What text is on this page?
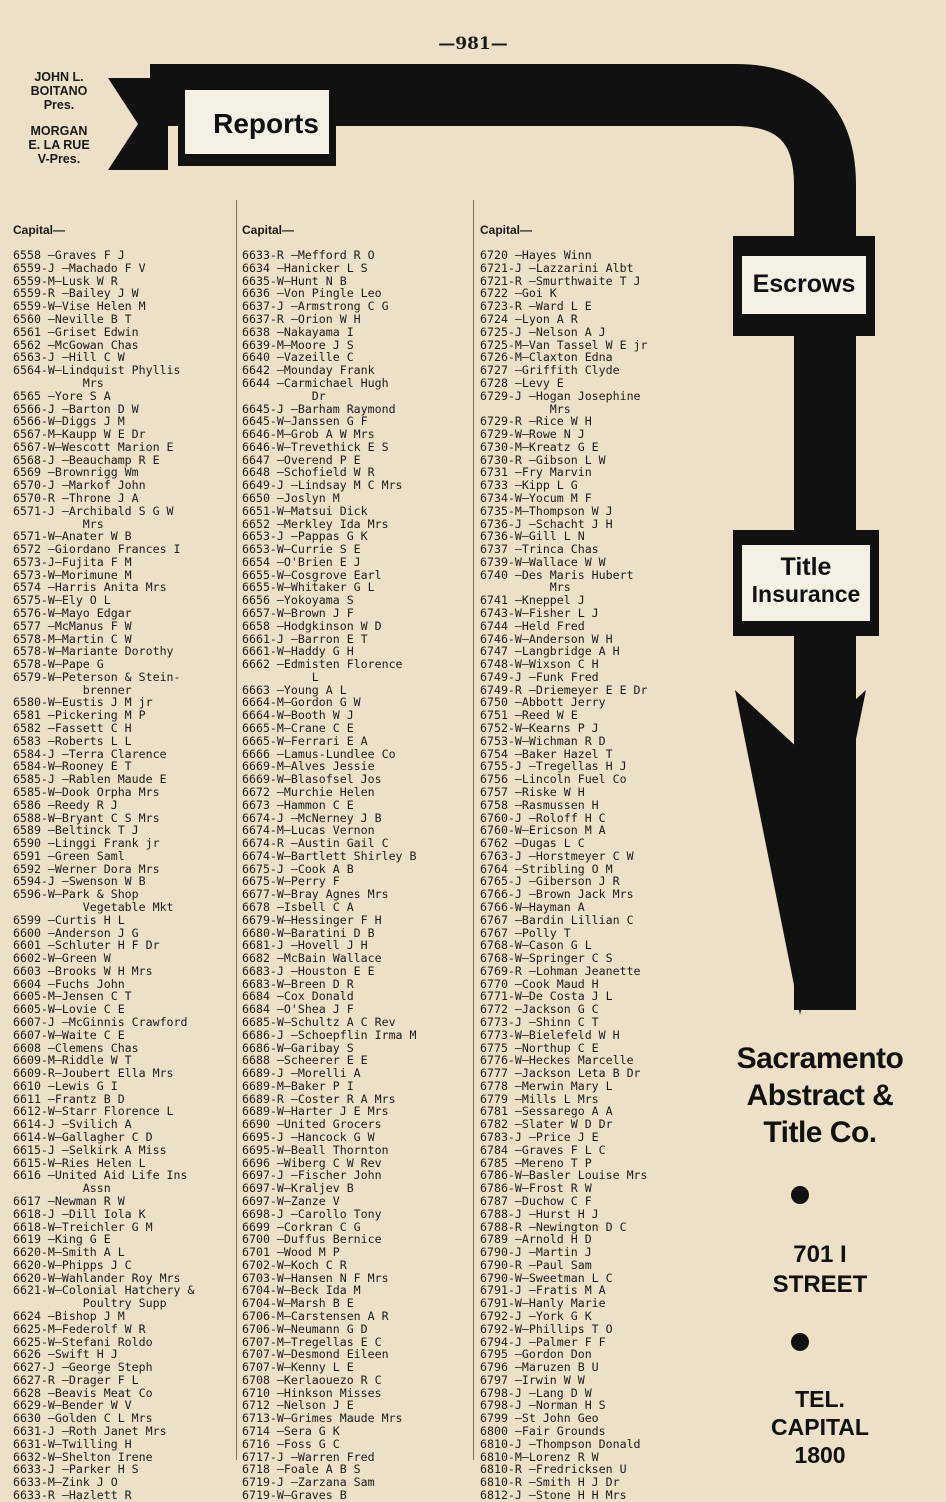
—981—
JOHN L.
BOITANO
Pres.
MORGAN
E. LA RUE
V-Pres.
Reports
Escrows
Title
Insurance

Capital—

6558 —Graves F J
6559-J —Machado F V
6559-M—Lusk W R
6559-R —Bailey J W
6559-W—Vise Helen M
6560 —Neville B T
6561 —Griset Edwin
6562 —McGowan Chas
6563-J —Hill C W
6564-W—Lindquist Phyllis
Mrs
6565 —Yore S A
6566-J —Barton D W
6566-W—Diggs J M
6567-M—Kaupp W E Dr
6567-W—Wescott Marion E
6568-J —Beauchamp R E
6569 —Brownrigg Wm
6570-J —Markof John
6570-R —Throne J A
6571-J —Archibald S G W
Mrs
6571-W—Anater W B
6572 —Giordano Frances I
6573-J—Fujita F M
6573-W—Morimune M
6574 —Harris Anita Mrs
6575-W—Ely O L
6576-W—Mayo Edgar
6577 —McManus F W
6578-M—Martin C W
6578-W—Mariante Dorothy
6578-W—Pape G
6579-W—Peterson & Stein-
brenner
6580-W—Eustis J M jr
6581 —Pickering M P
6582 —Fassett C H
6583 —Roberts L L
6584-J —Terra Clarence
6584-W—Rooney E T
6585-J —Rablen Maude E
6585-W—Dook Orpha Mrs
6586 —Reedy R J
6588-W—Bryant C S Mrs
6589 —Beltinck T J
6590 —Linggi Frank jr
6591 —Green Saml
6592 —Werner Dora Mrs
6594-J —Swenson W B
6596-W—Park & Shop
Vegetable Mkt
6599 —Curtis H L
6600 —Anderson J G
6601 —Schluter H F Dr
6602-W—Green W
6603 —Brooks W H Mrs
6604 —Fuchs John
6605-M—Jensen C T
6605-W—Lovie C E
6607-J —McGinnis Crawford
6607-W—Waite C E
6608 —Clemens Chas
6609-M—Riddle W T
6609-R—Joubert Ella Mrs
6610 —Lewis G I
6611 —Frantz B D
6612-W—Starr Florence L
6614-J —Svilich A
6614-W—Gallagher C D
6615-J —Selkirk A Miss
6615-W—Ries Helen L
6616 —United Aid Life Ins
Assn
6617 —Newman R W
6618-J —Dill Iola K
6618-W—Treichler G M
6619 —King G E
6620-M—Smith A L
6620-W—Phipps J C
6620-W—Wahlander Roy Mrs
6621-W—Colonial Hatchery &
Poultry Supp
6624 —Bishop J M
6625-M—Federolf W R
6625-W—Stefani Roldo
6626 —Swift H J
6627-J —George Steph
6627-R —Drager F L
6628 —Beavis Meat Co
6629-W—Bender W V
6630 —Golden C L Mrs
6631-J —Roth Janet Mrs
6631-W—Twilling H
6632-W—Shelton Irene
6633-J —Parker H S
6633-M—Zink J O
6633-R —Hazlett R

Capital—

6633-R —Mefford R O
6634 —Hanicker L S
6635-W—Hunt N B
6636 —Von Pingle Leo
6637-J —Armstrong C G
6637-R —Orion W H
6638 —Nakayama I
6639-M—Moore J S
6640 —Vazeille C
6642 —Mounday Frank
6644 —Carmichael Hugh
Dr
6645-J —Barham Raymond
6645-W—Janssen G F
6646-M—Grob A W Mrs
6646-W—Trevethick E S
6647 —Overend P E
6648 —Schofield W R
6649-J —Lindsay M C Mrs
6650 —Joslyn M
6651-W—Matsui Dick
6652 —Merkley Ida Mrs
6653-J —Pappas G K
6653-W—Currie S E
6654 —O'Brien E J
6655-W—Cosgrove Earl
6655-W—Whitaker G L
6656 —Yokoyama S
6657-W—Brown J F
6658 —Hodgkinson W D
6661-J —Barron E T
6661-W—Haddy G H
6662 —Edmisten Florence
L
6663 —Young A L
6664-M—Gordon G W
6664-W—Booth W J
6665-M—Crane C E
6665-W—Ferrari E A
6666 —Lamus-Lundlee Co
6669-M—Alves Jessie
6669-W—Blasofsel Jos
6672 —Murchie Helen
6673 —Hammon C E
6674-J —McNerney J B
6674-M—Lucas Vernon
6674-R —Austin Gail C
6674-W—Bartlett Shirley B
6675-J —Cook A B
6675-W—Perry F
6677-W—Bray Agnes Mrs
6678 —Isbell C A
6679-W—Hessinger F H
6680-W—Baratini D B
6681-J —Hovell J H
6682 —McBain Wallace
6683-J —Houston E E
6683-W—Breen D R
6684 —Cox Donald
6684 —O'Shea J F
6685-W—Schultz A C Rev
6686-J —Schoepflin Irma M
6686-W—Garibay S
6688 —Scheerer E E
6689-J —Morelli A
6689-M—Baker P I
6689-R —Coster R A Mrs
6689-W—Harter J E Mrs
6690 —United Grocers
6695-J —Hancock G W
6695-W—Beall Thornton
6696 —Wiberg C W Rev
6697-J —Fischer John
6697-W—Kraljev B
6697-W—Zanze V
6698-J —Carollo Tony
6699 —Corkran C G
6700 —Duffus Bernice
6701 —Wood M P
6702-W—Koch C R
6703-W—Hansen N F Mrs
6704-W—Beck Ida M
6704-W—Marsh B E
6706-M—Carstensen A R
6706-W—Neumann G D
6707-M—Tregellas E C
6707-W—Desmond Eileen
6707-W—Kenny L E
6708 —Kerlaouezo R C
6710 —Hinkson Misses
6712 —Nelson J E
6713-W—Grimes Maude Mrs
6714 —Sera G K
6716 —Foss G C
6717-J —Warren Fred
6718 —Foale A B S
6719-J —Zarzana Sam
6719-W—Graves B

Capital—

6720 —Hayes Winn
6721-J —Lazzarini Albt
6721-R —Smurthwaite T J
6722 —Goi K
6723-R —Ward L E
6724 —Lyon A R
6725-J —Nelson A J
6725-M—Van Tassel W E jr
6726-M—Claxton Edna
6727 —Griffith Clyde
6728 —Levy E
6729-J —Hogan Josephine
Mrs
6729-R —Rice W H
6729-W—Rowe N J
6730-M—Kreatz G E
6730-R —Gibson L W
6731 —Fry Marvin
6733 —Kipp L G
6734-W—Yocum M F
6735-M—Thompson W J
6736-J —Schacht J H
6736-W—Gill L N
6737 —Trinca Chas
6739-W—Wallace W W
6740 —Des Maris Hubert
Mrs
6741 —Kneppel J
6743-W—Fisher L J
6744 —Held Fred
6746-W—Anderson W H
6747 —Langbridge A H
6748-W—Wixson C H
6749-J —Funk Fred
6749-R —Driemeyer E E Dr
6750 —Abbott Jerry
6751 —Reed W E
6752-W—Kearns P J
6753-W—Wichman R D
6754 —Baker Hazel T
6755-J —Tregellas H J
6756 —Lincoln Fuel Co
6757 —Riske W H
6758 —Rasmussen H
6760-J —Roloff H C
6760-W—Ericson M A
6762 —Dugas L C
6763-J —Horstmeyer C W
6764 —Stribling O M
6765-J —Giberson J R
6766-J —Brown Jack Mrs
6766-W—Hayman A
6767 —Bardin Lillian C
6767 —Polly T
6768-W—Cason G L
6768-W—Springer C S
6769-R —Lohman Jeanette
6770 —Cook Maud H
6771-W—De Costa J L
6772 —Jackson G C
6773-J —Shinn C T
6773-W—Bielefeld W H
6775 —Northup C E
6776-W—Heckes Marcelle
6777 —Jackson Leta B Dr
6778 —Merwin Mary L
6779 —Mills L Mrs
6781 —Sessarego A A
6782 —Slater W D Dr
6783-J —Price J E
6784 —Graves F L C
6785 —Mereno T P
6786-W—Basler Louise Mrs
6786-W—Frost R W
6787 —Duchow C F
6788-J —Hurst H J
6788-R —Newington D C
6789 —Arnold H D
6790-J —Martin J
6790-R —Paul Sam
6790-W—Sweetman L C
6791-J —Fratis M A
6791-W—Hanly Marie
6792-J —York G K
6792-W—Phillips T O
6794-J —Palmer F F
6795 —Gordon Don
6796 —Maruzen B U
6797 —Irwin W W
6798-J —Lang D W
6798-J —Norman H S
6799 —St John Geo
6800 —Fair Grounds
6810-J —Thompson Donald
6810-M—Lorenz R W
6810-R —Fredricksen U
6810-R —Smith H J Dr
6812-J —Stone H H Mrs
Sacramento
Abstract &
Title Co.
701 I
STREET
TEL.
CAPITAL
1800
